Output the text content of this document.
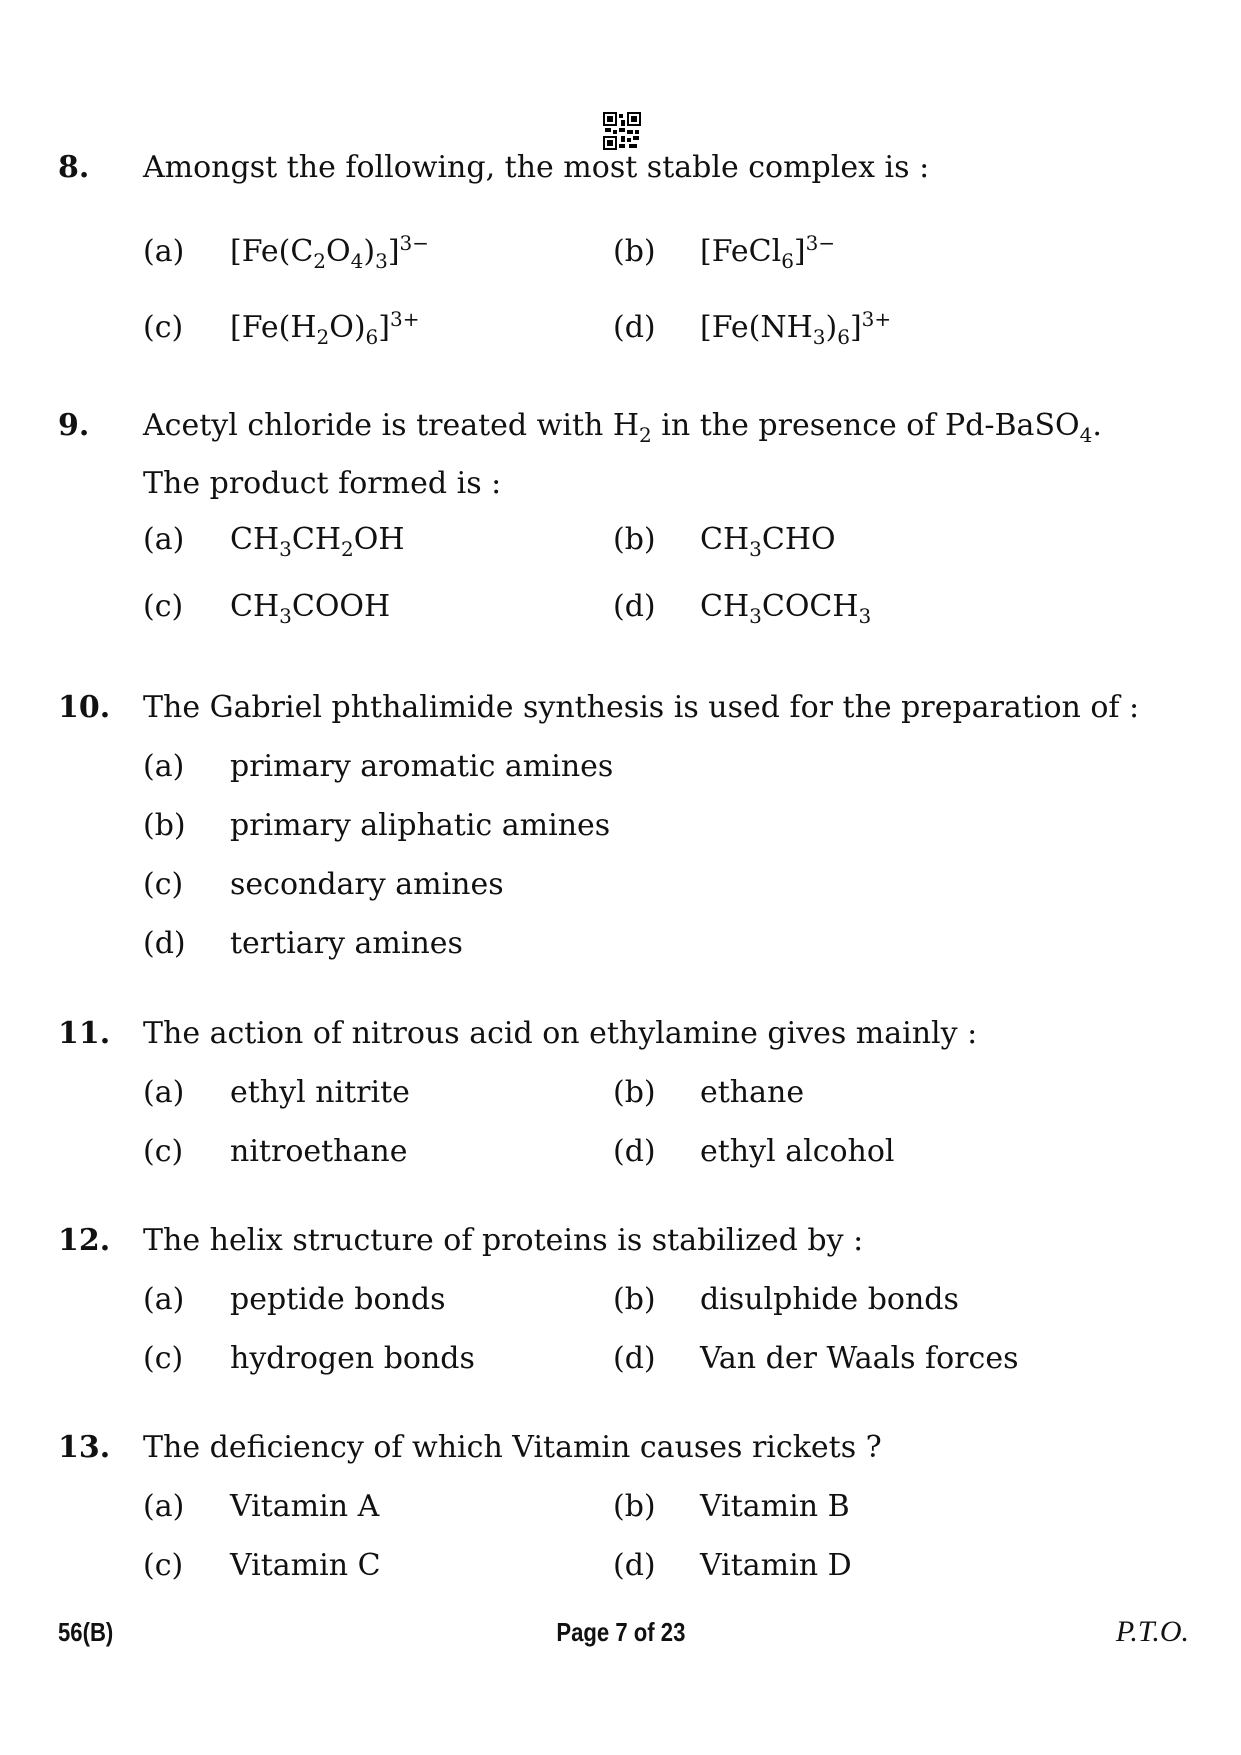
8. Amongst the following, the most stable complex is :
(a)	$[Fe(C_2O_4)_3]^{3-}$	(b)	[FeCl$_6$]$^{3-}$
(c)	$[Fe(H_2O)_6]^{3+}$	(d)	$[Fe(NH_3)_6]^{3+}$
9. Acetyl chloride is treated with $H_2$ in the presence of Pd-BaSO$_4$.
The product formed is :
(a)	$CH_3CH_2OH$	(b)	$CH_3CHO$
(c)	$CH_3COOH$	(d)	$CH_3COCH_3$
10. The Gabriel phthalimide synthesis is used for the preparation of :
(a)	primary aromatic amines
(b)	primary aliphatic amines
(c)	secondary amines
(d)	tertiary amines
11. The action of nitrous acid on ethylamine gives mainly :
(a)	ethyl nitrite	(b)	ethane
(c)	nitroethane	(d)	ethyl alcohol
12. The helix structure of proteins is stabilized by :
(a)	peptide bonds	(b)	disulphide bonds
(c)	hydrogen bonds	(d)	Van der Waals forces
13. The deficiency of which Vitamin causes rickets ?
(a)	Vitamin A	(b)	Vitamin B
(c)	Vitamin C	(d)	Vitamin D
56(B)	Page 7 of 23	P.T.O.
